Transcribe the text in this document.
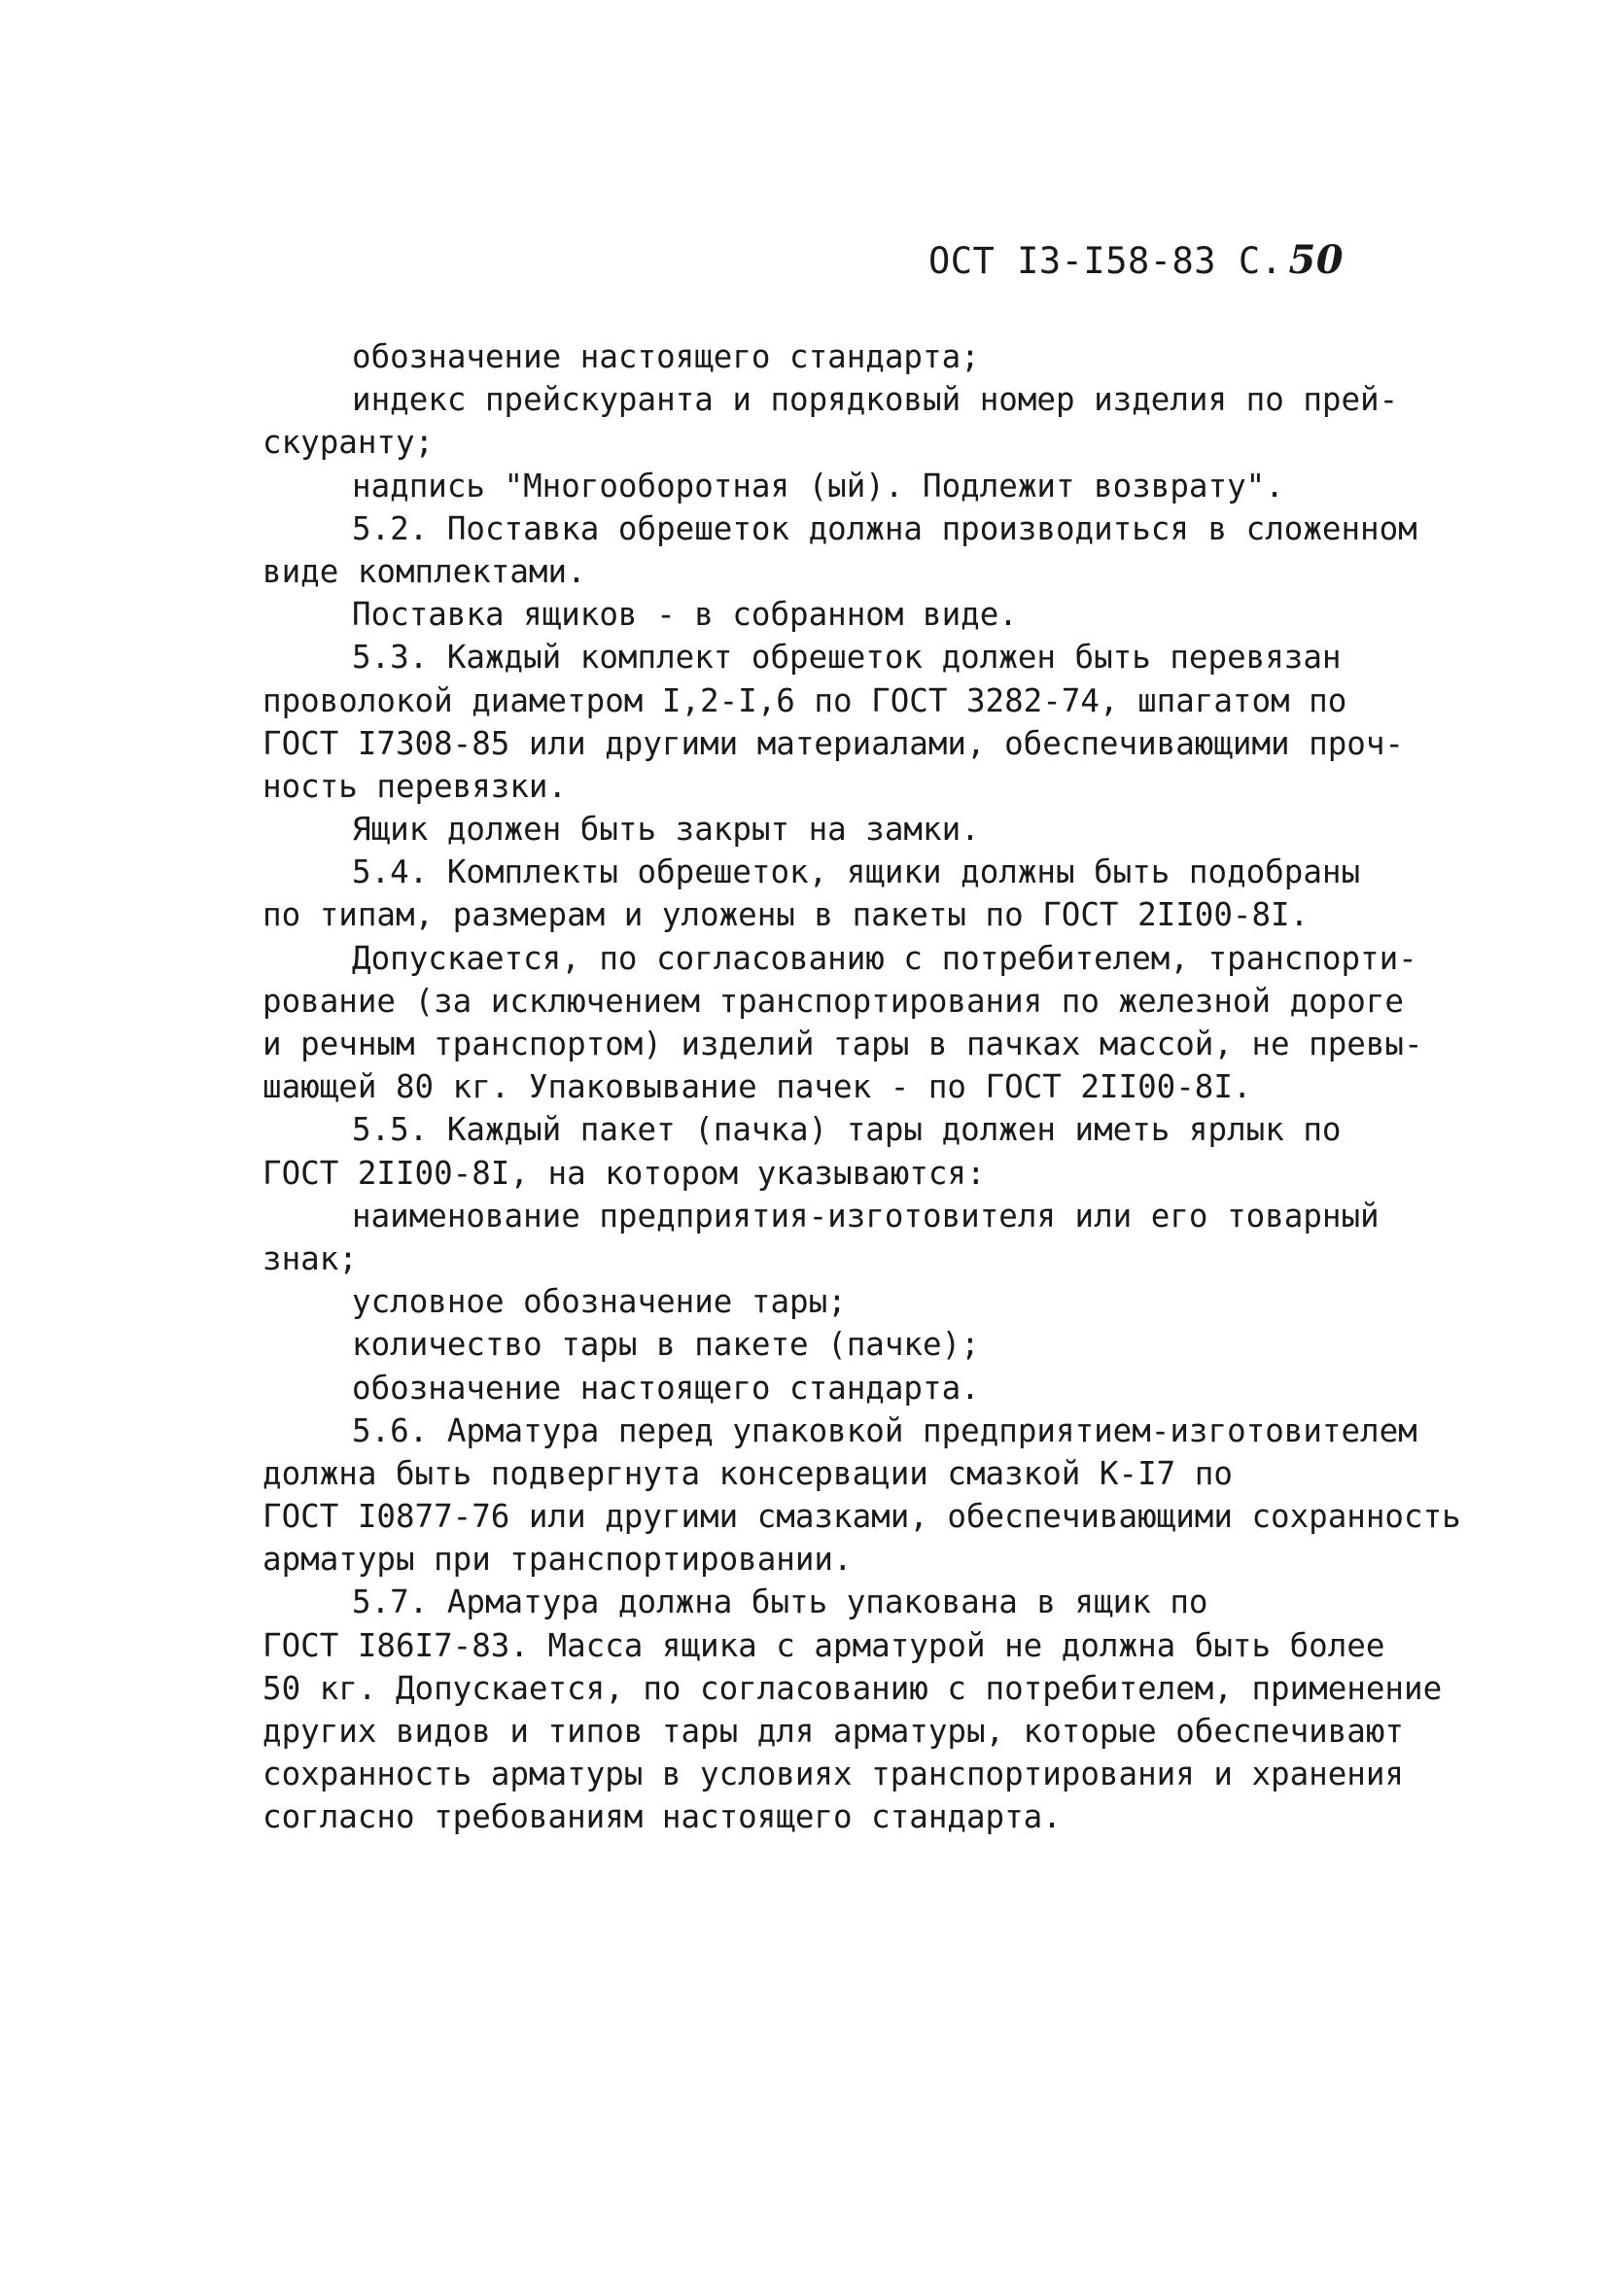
ОСТ I3-I58-83 С. 50
обозначение настоящего стандарта;
индекс прейскуранта и порядковый номер изделия по прей-
скуранту;
надпись "Многооборотная (ый). Подлежит возврату".
5.2. Поставка обрешеток должна производиться в сложенном
виде комплектами.
Поставка ящиков - в собранном виде.
5.3. Каждый комплект обрешеток должен быть перевязан
проволокой диаметром I,2-I,6 по ГОСТ 3282-74, шпагатом по
ГОСТ I7308-85 или другими материалами, обеспечивающими проч-
ность перевязки.
Ящик должен быть закрыт на замки.
5.4. Комплекты обрешеток, ящики должны быть подобраны
по типам, размерам и уложены в пакеты по ГОСТ 2II00-8I.
Допускается, по согласованию с потребителем, транспорти-
рование (за исключением транспортирования по железной дороге
и речным транспортом) изделий тары в пачках массой, не превы-
шающей 80 кг. Упаковывание пачек - по ГОСТ 2II00-8I.
5.5. Каждый пакет (пачка) тары должен иметь ярлык по
ГОСТ 2II00-8I, на котором указываются:
наименование предприятия-изготовителя или его товарный
знак;
условное обозначение тары;
количество тары в пакете (пачке);
обозначение настоящего стандарта.
5.6. Арматура перед упаковкой предприятием-изготовителем
должна быть подвергнута консервации смазкой К-I7 по
ГОСТ I0877-76 или другими смазками, обеспечивающими сохранность
арматуры при транспортировании.
5.7. Арматура должна быть упакована в ящик по
ГОСТ I86I7-83. Масса ящика с арматурой не должна быть более
50 кг. Допускается, по согласованию с потребителем, применение
других видов и типов тары для арматуры, которые обеспечивают
сохранность арматуры в условиях транспортирования и хранения
согласно требованиям настоящего стандарта.
